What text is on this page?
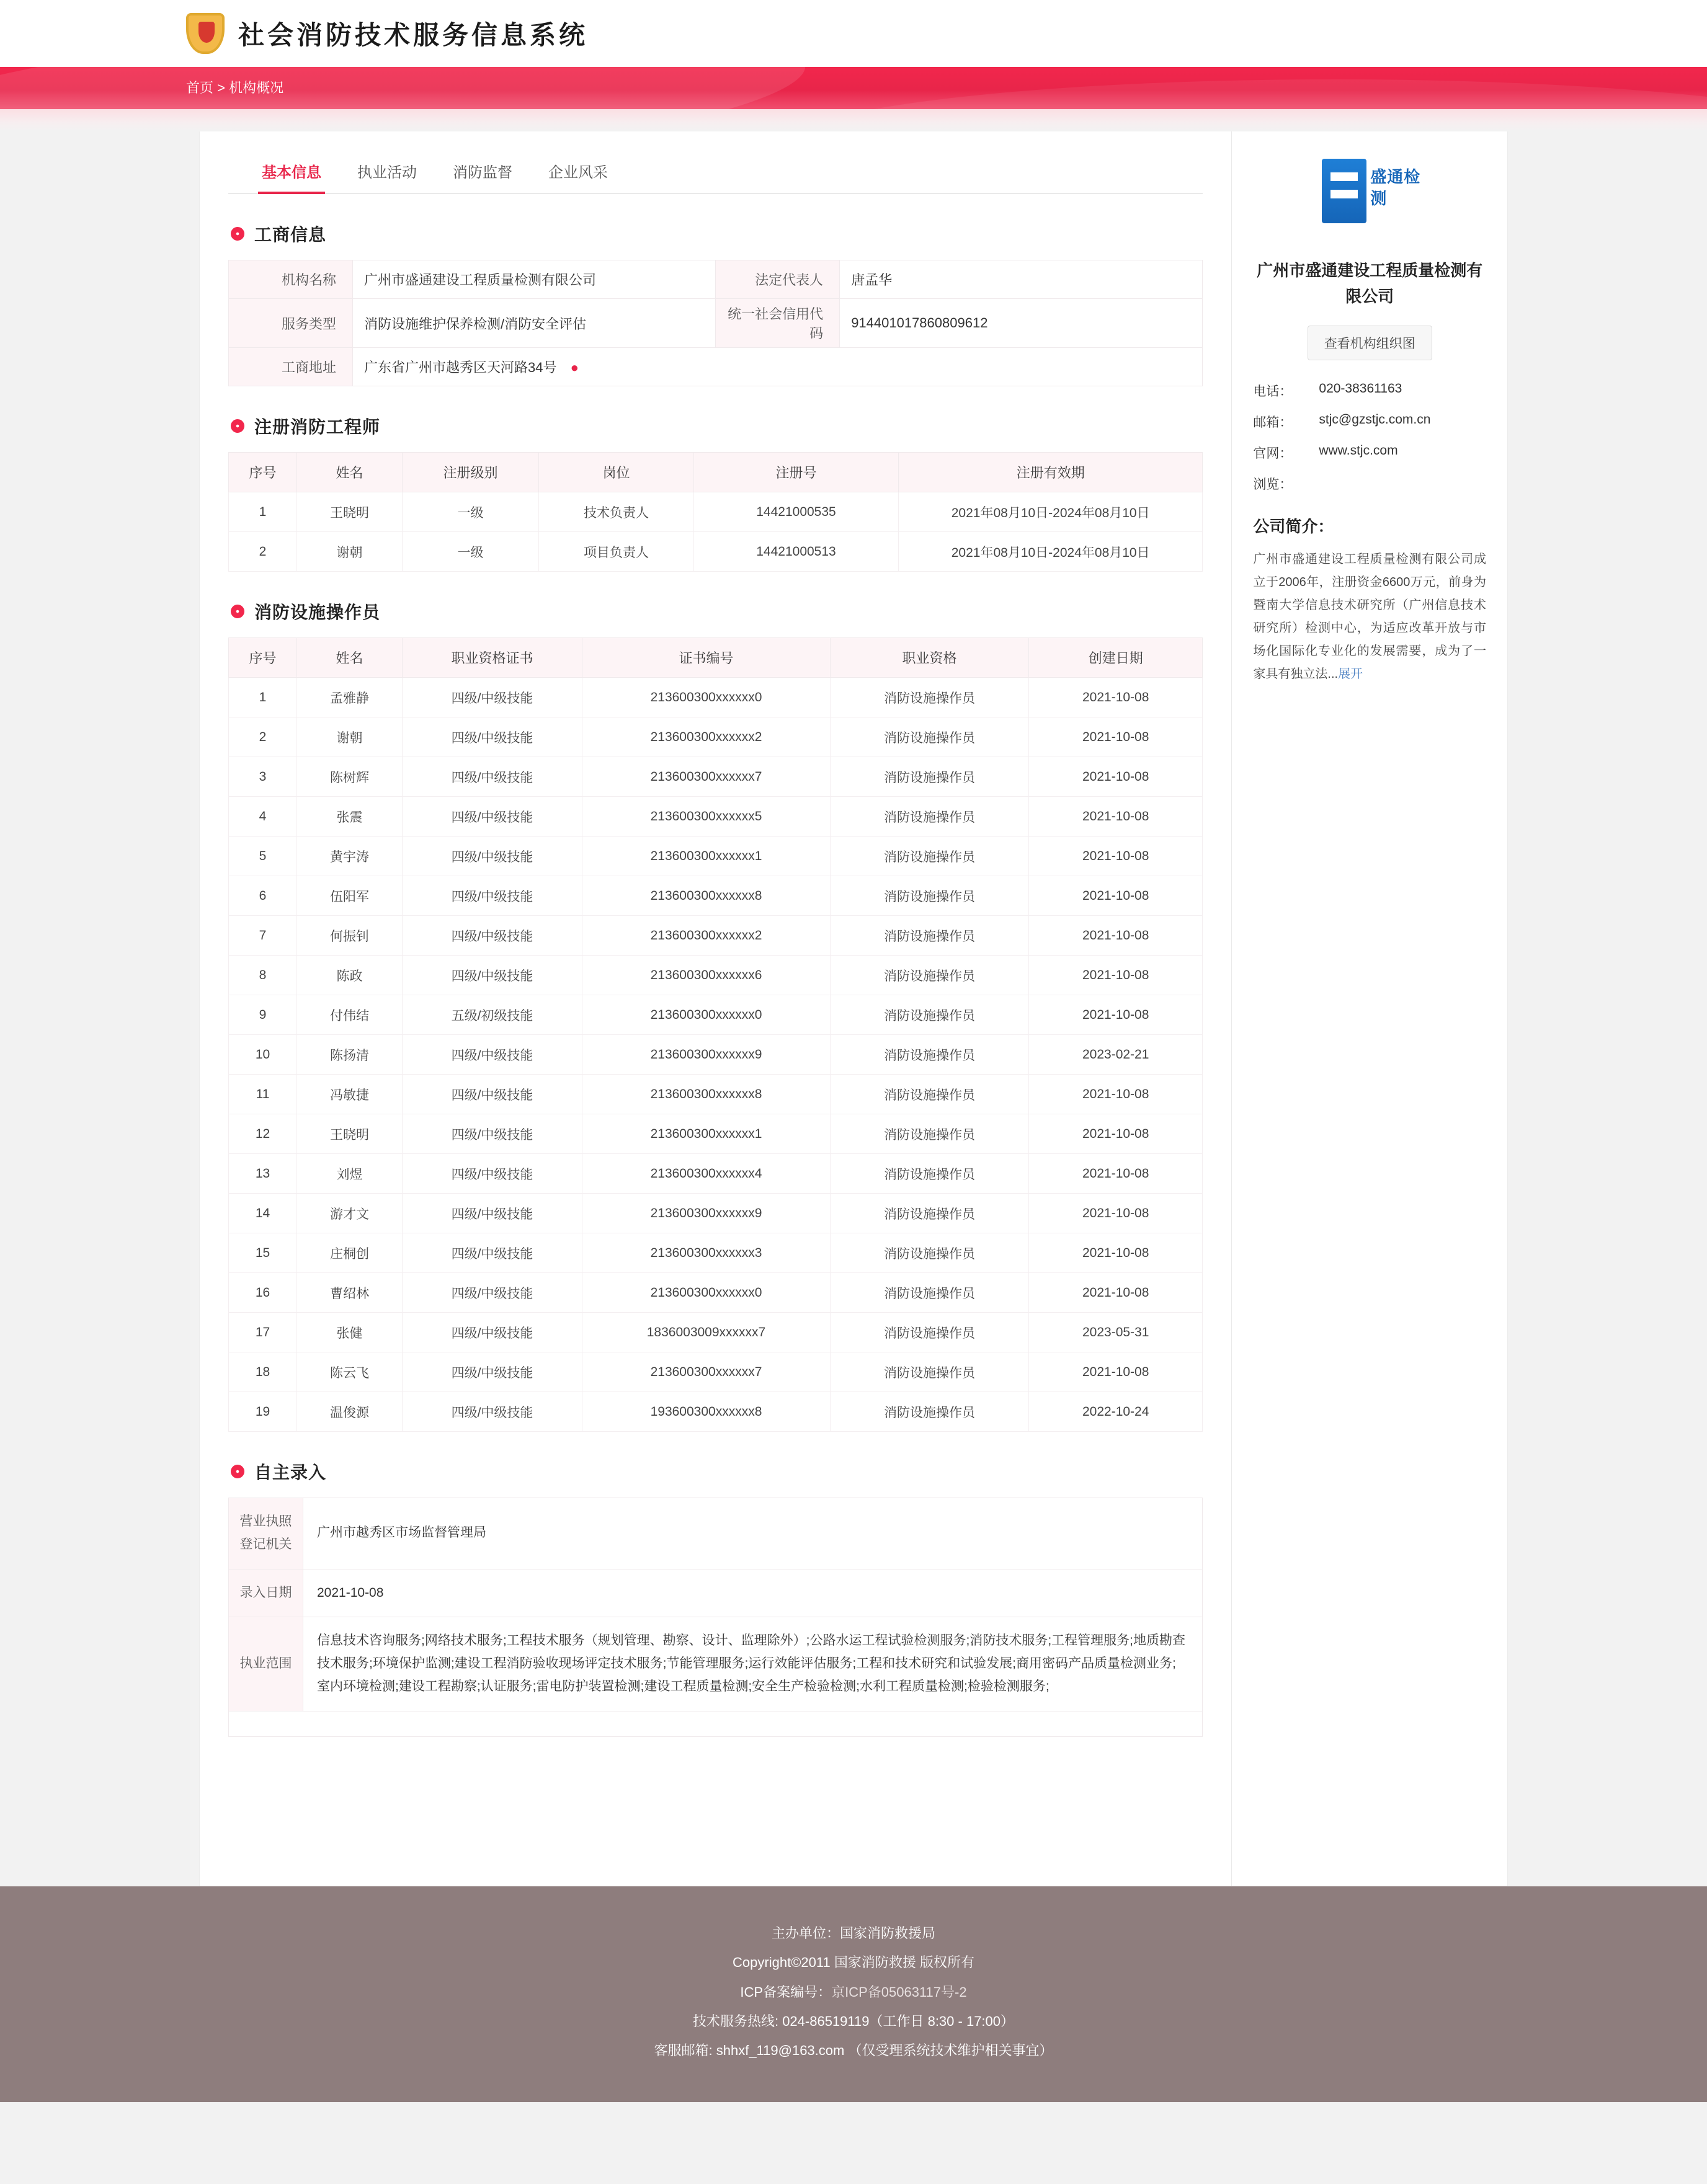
社会消防技术服务信息系统
首页 > 机构概况
基本信息 执业活动 消防监督 企业风采
工商信息
机构名称	广州市盛通建设工程质量检测有限公司	法定代表人	唐孟华
服务类型	消防设施维护保养检测/消防安全评估	统一社会信用代码	914401017860809612
工商地址	广东省广州市越秀区天河路34号 ●︎		
注册消防工程师
序号	姓名	注册级别	岗位	注册号	注册有效期
1	王晓明	一级	技术负责人	14421000535	2021年08月10日-2024年08月10日
2	谢朝	一级	项目负责人	14421000513	2021年08月10日-2024年08月10日
消防设施操作员
序号	姓名	职业资格证书	证书编号	职业资格	创建日期
1	孟雅静	四级/中级技能	213600300xxxxxx0	消防设施操作员	2021-10-08
2	谢朝	四级/中级技能	213600300xxxxxx2	消防设施操作员	2021-10-08
3	陈树辉	四级/中级技能	213600300xxxxxx7	消防设施操作员	2021-10-08
4	张震	四级/中级技能	213600300xxxxxx5	消防设施操作员	2021-10-08
5	黄宇涛	四级/中级技能	213600300xxxxxx1	消防设施操作员	2021-10-08
6	伍阳军	四级/中级技能	213600300xxxxxx8	消防设施操作员	2021-10-08
7	何振钊	四级/中级技能	213600300xxxxxx2	消防设施操作员	2021-10-08
8	陈政	四级/中级技能	213600300xxxxxx6	消防设施操作员	2021-10-08
9	付伟结	五级/初级技能	213600300xxxxxx0	消防设施操作员	2021-10-08
10	陈扬清	四级/中级技能	213600300xxxxxx9	消防设施操作员	2023-02-21
11	冯敏捷	四级/中级技能	213600300xxxxxx8	消防设施操作员	2021-10-08
12	王晓明	四级/中级技能	213600300xxxxxx1	消防设施操作员	2021-10-08
13	刘煜	四级/中级技能	213600300xxxxxx4	消防设施操作员	2021-10-08
14	游才文	四级/中级技能	213600300xxxxxx9	消防设施操作员	2021-10-08
15	庄桐创	四级/中级技能	213600300xxxxxx3	消防设施操作员	2021-10-08
16	曹绍林	四级/中级技能	213600300xxxxxx0	消防设施操作员	2021-10-08
17	张健	四级/中级技能	1836003009xxxxxx7	消防设施操作员	2023-05-31
18	陈云飞	四级/中级技能	213600300xxxxxx7	消防设施操作员	2021-10-08
19	温俊源	四级/中级技能	193600300xxxxxx8	消防设施操作员	2022-10-24
自主录入
营业执照登记机关	广州市越秀区市场监督管理局
录入日期	2021-10-08
执业范围	信息技术咨询服务;网络技术服务;工程技术服务（规划管理、勘察、设计、监理除外）;公路水运工程试验检测服务;消防技术服务;工程管理服务;地质勘查技术服务;环境保护监测;建设工程消防验收现场评定技术服务;节能管理服务;运行效能评估服务;工程和技术研究和试验发展;商用密码产品质量检测业务;室内环境检测;建设工程勘察;认证服务;雷电防护装置检测;建设工程质量检测;安全生产检验检测;水利工程质量检测;检验检测服务;

盛通检测
广州市盛通建设工程质量检测有限公司
查看机构组织图
电话：	020-38361163
邮箱：	stjc@gzstjc.com.cn
官网：	www.stjc.com
浏览：
公司简介：
广州市盛通建设工程质量检测有限公司成立于2006年，注册资金6600万元，前身为暨南大学信息技术研究所（广州信息技术研究所）检测中心，为适应改革开放与市场化国际化专业化的发展需要，成为了一家具有独立法...展开
主办单位：国家消防救援局
Copyright©2011 国家消防救援 版权所有
ICP备案编号：京ICP备05063117号-2
技术服务热线: 024-86519119（工作日 8:30 - 17:00）
客服邮箱: shhxf_119@163.com （仅受理系统技术维护相关事宜）
